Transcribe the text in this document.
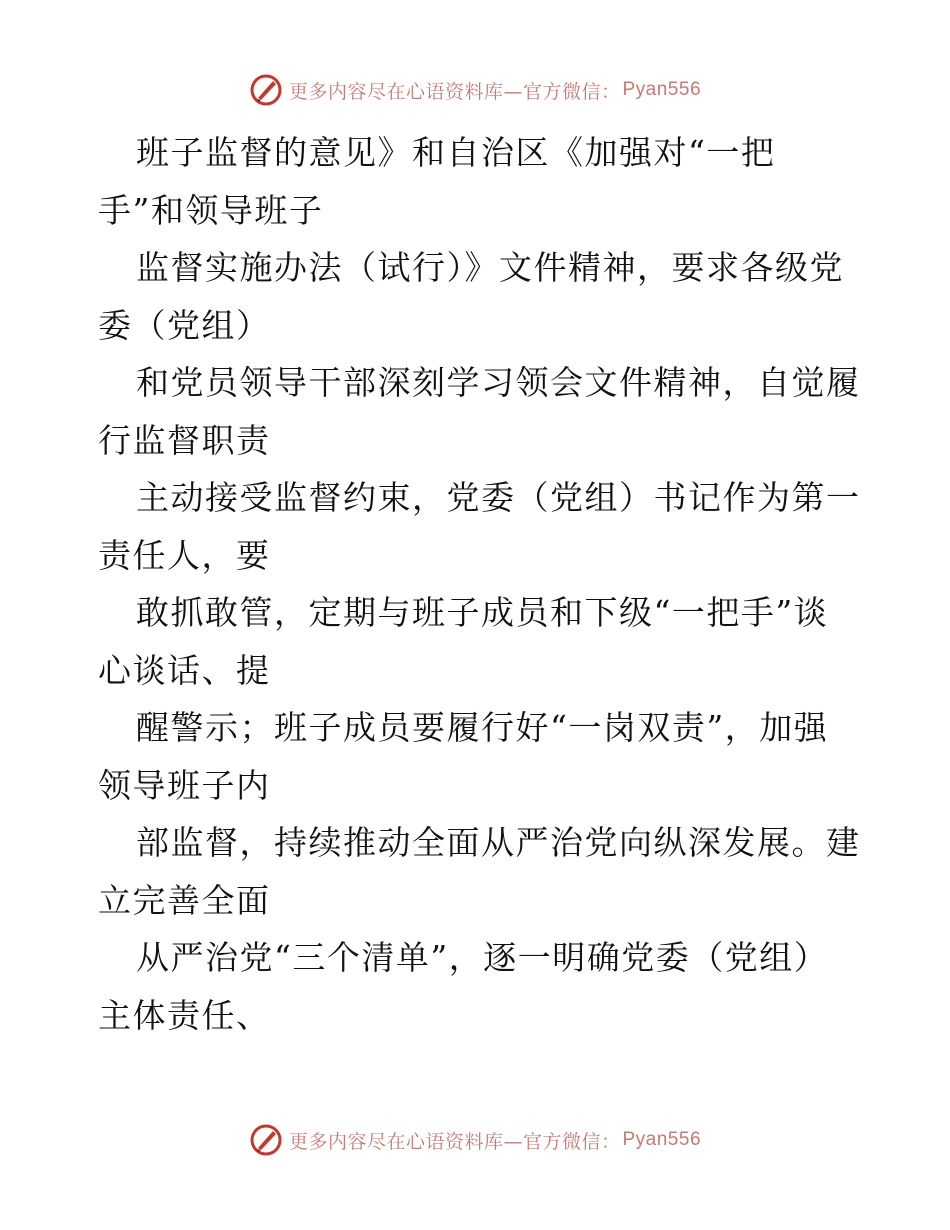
更多内容尽在心语资料库—官方微信： Pyan556
班子监督的意见》和自治区《加强对“一把
手”和领导班子
监督实施办法（试行）》文件精神，要求各级党
委（党组）
和党员领导干部深刻学习领会文件精神，自觉履
行监督职责
主动接受监督约束，党委（党组）书记作为第一
责任人，要
敢抓敢管，定期与班子成员和下级“一把手”谈
心谈话、提
醒警示；班子成员要履行好“一岗双责”，加强
领导班子内
部监督，持续推动全面从严治党向纵深发展。建
立完善全面
从严治党“三个清单”，逐一明确党委（党组）
主体责任、
更多内容尽在心语资料库—官方微信： Pyan556
